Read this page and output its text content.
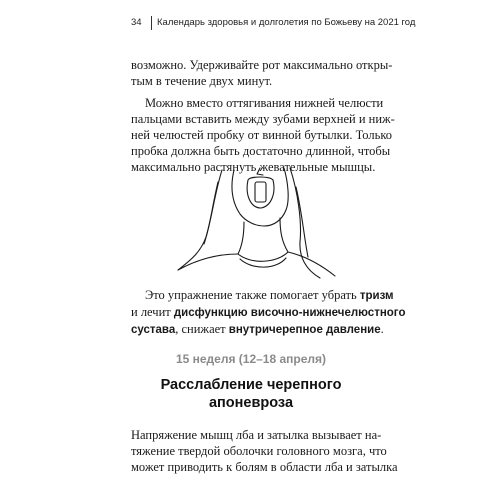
34 Календарь здоровья и долголетия по Божьеву на 2021 год
возможно. Удерживайте рот максимально откры-
тым в течение двух минут.
Можно вместо оттягивания нижней челюсти
пальцами вставить между зубами верхней и ниж-
ней челюстей пробку от винной бутылки. Только
пробка должна быть достаточно длинной, чтобы
максимально растянуть жевательные мышцы.
Это упражнение также помогает убрать тризм
и лечит дисфункцию височно-нижнечелюстного
сустава, снижает внутричерепное давление.
15 неделя (12–18 апреля)
Расслабление черепного
апоневроза
Напряжение мышц лба и затылка вызывает на-
тяжение твердой оболочки головного мозга, что
может приводить к болям в области лба и затылка
